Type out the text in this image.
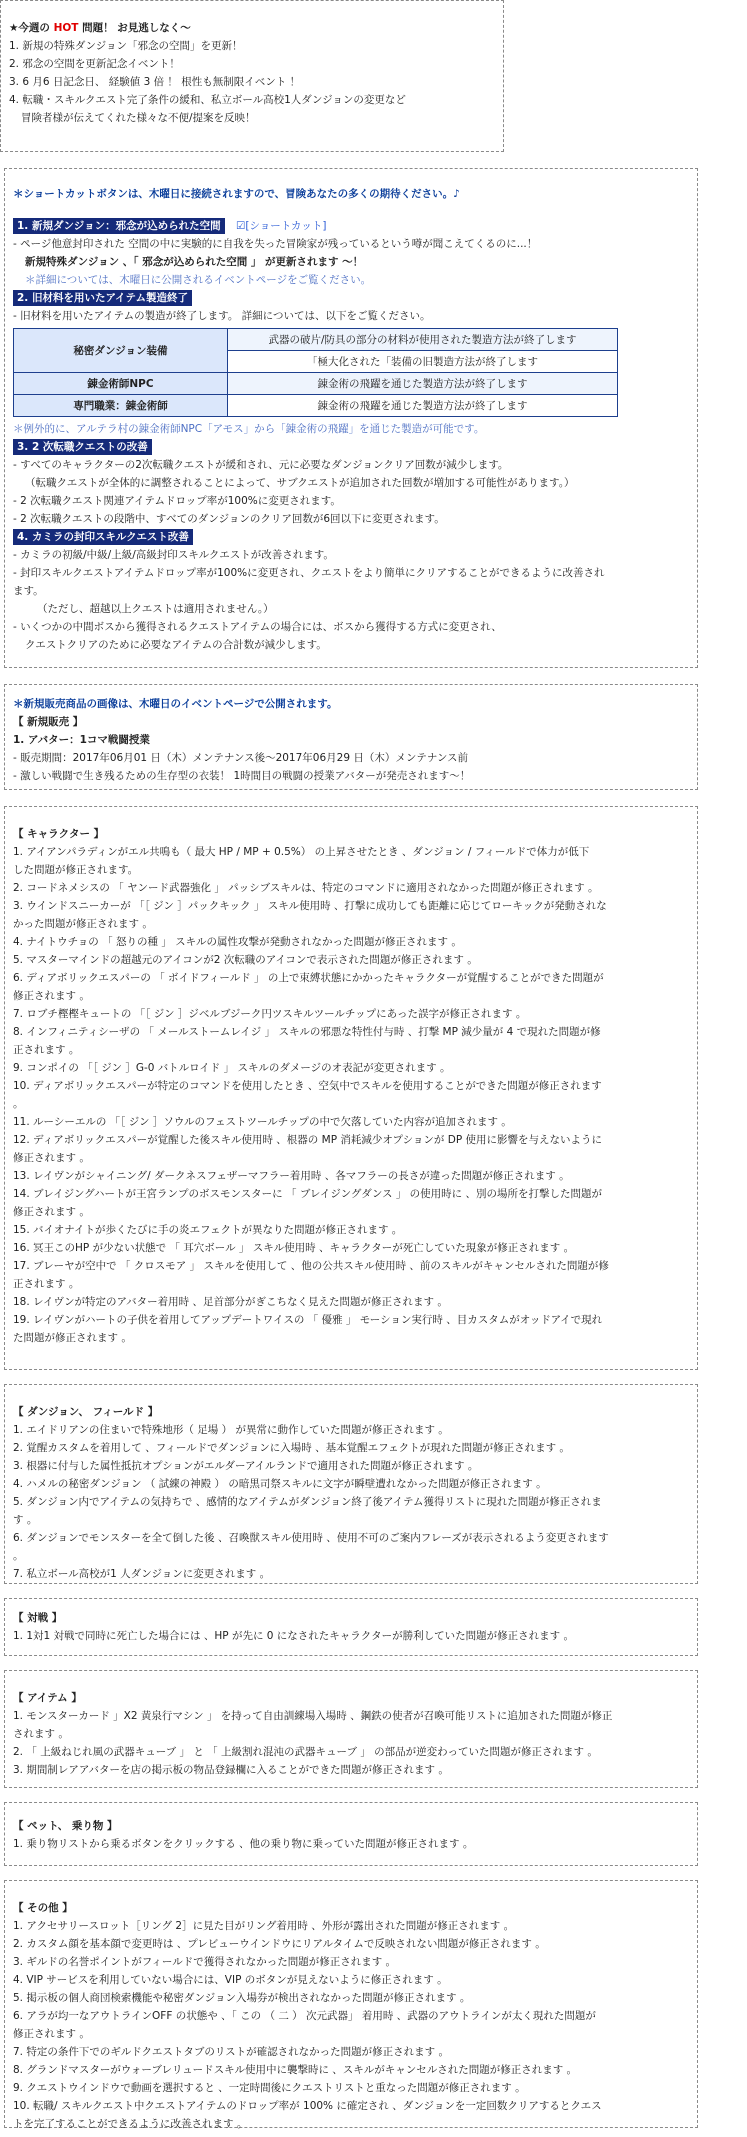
★今週の HOT 問題！ お見逃しなく～
1. 新規の特殊ダンジョン「邪念の空間」を更新！
2. 邪念の空間を更新記念イベント！
3. 6 月6 日記念日、 経験値 3 倍 ！ 根性も無制限イベント ！
4. 転職・スキルクエスト完了条件の緩和、私立ボール高校1人ダンジョンの変更など
冒険者様が伝えてくれた様々な不便/提案を反映！
＊ショートカットボタンは、木曜日に接続されますので、冒険あなたの多くの期待ください。♪
1. 新規ダンジョン：邪念が込められた空間 ☑[ショートカット]
- ページ他意封印された 空間の中に実験的に自我を失った冒険家が残っているという噂が聞こえてくるのに...！
新規特殊ダンジョン 、「 邪念が込められた空間 」 が更新されます ～！
＊詳細については、木曜日に公開されるイベントページをご覧ください。
2. 旧材料を用いたアイテム製造終了
- 旧材料を用いたアイテムの製造が終了します。 詳細については、以下をご覧ください。
秘密ダンジョン装備	武器の破片/防具の部分の材料が使用された製造方法が終了します
	「極大化された「装備の旧製造方法が終了します
錬金術師NPC	錬金術の飛躍を通じた製造方法が終了します
専門職業：錬金術師	錬金術の飛躍を通じた製造方法が終了します
＊例外的に、アルテラ村の錬金術師NPC「アモス」から「錬金術の飛躍」を通じた製造が可能です。
3. 2 次転職クエストの改善
- すべてのキャラクターの2次転職クエストが緩和され、元に必要なダンジョンクリア回数が減少します。
（転職クエストが全体的に調整されることによって、サブクエストが追加された回数が増加する可能性があります。）
- 2 次転職クエスト関連アイテムドロップ率が100%に変更されます。
- 2 次転職クエストの段階中、すべてのダンジョンのクリア回数が6回以下に変更されます。
4. カミラの封印スキルクエスト改善
- カミラの初級/中級/上級/高級封印スキルクエストが改善されます。
- 封印スキルクエストアイテムドロップ率が100%に変更され、クエストをより簡単にクリアすることができるように改善され
ます。
（ただし、超越以上クエストは適用されません。）
- いくつかの中間ボスから獲得されるクエストアイテムの場合には、ボスから獲得する方式に変更され、
クエストクリアのために必要なアイテムの合計数が減少します。
＊新規販売商品の画像は、木曜日のイベントページで公開されます。
【 新規販売 】
1. アバター：1コマ戦闘授業
- 販売期間：2017年06月01 日（木）メンテナンス後～2017年06月29 日（木）メンテナンス前
- 激しい戦闘で生き残るための生存型の衣装！ 1時間目の戦闘の授業アバターが発売されます～！
【 キャラクター 】
1. アイアンパラディンがエル共鳴も（ 最大 HP / MP + 0.5%） の上昇させたとき 、ダンジョン / フィールドで体力が低下
した問題が修正されます。
2. コードネメシスの 「 ヤンード武器強化 」 パッシブスキルは、特定のコマンドに適用されなかった問題が修正されます 。
3. ウインドスニーカーが 「［ ジン ］パックキック 」 スキル使用時 、打撃に成功しても距離に応じてローキックが発動されな
かった問題が修正されます 。
4. ナイトウチョの 「 怒りの種 」 スキルの属性攻撃が発動されなかった問題が修正されます 。
5. マスターマインドの超越元のアイコンが2 次転職のアイコンで表示された問題が修正されます 。
6. ディアボリックエスパーの 「 ボイドフィールド 」 の上で束縛状態にかかったキャラクターが覚醒することができた問題が
修正されます 。
7. ロブチ樫樫キュートの 「［ ジン ］ジベルブジーク円ツスキルツールチップにあった誤字が修正されます 。
8. インフィニティシーザの 「 メールストームレイジ 」 スキルの邪悪な特性付与時 、打撃 MP 減少量が 4 で現れた問題が修
正されます 。
9. コンポイの 「［ ジン ］G-0 バトルロイド 」 スキルのダメージのオ表記が変更されます 。
10. ディアボリックエスパーが特定のコマンドを使用したとき 、空気中でスキルを使用することができた問題が修正されます
。
11. ルーシーエルの 「［ ジン ］ソウルのフェストツールチップの中で欠落していた内容が追加されます 。
12. ディアボリックエスパーが覚醒した後スキル使用時 、根器の MP 消耗減少オプションが DP 使用に影響を与えないように
修正されます 。
13. レイヴンがシャイニング/ ダークネスフェザーマフラー着用時 、各マフラーの長さが違った問題が修正されます 。
14. ブレイジングハートが王宮ランプのボスモンスターに 「 ブレイジングダンス 」 の使用時に 、別の場所を打撃した問題が
修正されます 。
15. バイオナイトが歩くたびに手の炎エフェクトが異なりた問題が修正されます 。
16. 冥王このHP が少ない状態で 「 耳穴ボール 」 スキル使用時 、キャラクターが死亡していた現象が修正されます 。
17. ブレーヤが空中で 「 クロスモア 」 スキルを使用して 、他の公共スキル使用時 、前のスキルがキャンセルされた問題が修
正されます 。
18. レイヴンが特定のアバター着用時 、足首部分がぎこちなく見えた問題が修正されます 。
19. レイヴンがハートの子供を着用してアップデートワイスの 「 優雅 」 モーション実行時 、目カスタムがオッドアイで現れ
た問題が修正されます 。
【 ダンジョン、 フィールド 】
1. エイドリアンの住まいで特殊地形（ 足場 ） が異常に動作していた問題が修正されます 。
2. 覚醒カスタムを着用して 、フィールドでダンジョンに入場時 、基本覚醒エフェクトが現れた問題が修正されます 。
3. 根器に付与した属性抵抗オプションがエルダーアイルランドで適用された問題が修正されます 。
4. ハメルの秘密ダンジョン （ 試練の神殿 ） の暗黒司祭スキルに文字が瞬壁遭れなかった問題が修正されます 。
5. ダンジョン内でアイテムの気持ちで 、感情的なアイテムがダンジョン終了後アイテム獲得リストに現れた問題が修正されま
す 。
6. ダンジョンでモンスターを全て倒した後 、召喚獣スキル使用時 、使用不可のご案内フレーズが表示されるよう変更されます
。
7. 私立ボール高校が1 人ダンジョンに変更されます 。
【 対戦 】
1. 1対1 対戦で同時に死亡した場合には 、HP が先に 0 になされたキャラクターが勝利していた問題が修正されます 。
【 アイテム 】
1. モンスターカード 」X2 黄泉行マシン 」 を持って自由訓練場入場時 、鋼鉄の使者が召喚可能リストに追加された問題が修正
されます 。
2. 「 上級ねじれ風の武器キューブ 」 と 「 上級割れ混沌の武器キューブ 」 の部品が逆変わっていた問題が修正されます 。
3. 期間制レアアバターを店の掲示板の物品登録欄に入ることができた問題が修正されます 。
【 ペット、 乗り物 】
1. 乗り物リストから乗るボタンをクリックする 、他の乗り物に乗っていた問題が修正されます 。
【 その他 】
1. アクセサリースロット［リング 2］に見た目がリング着用時 、外形が露出された問題が修正されます 。
2. カスタム顔を基本顔で変更時は 、プレビューウインドウにリアルタイムで反映されない問題が修正されます 。
3. ギルドの名誉ポイントがフィールドで獲得されなかった問題が修正されます 。
4. VIP サービスを利用していない場合には、VIP のボタンが見えないように修正されます 。
5. 掲示板の個人商団検索機能や秘密ダンジョン入場券が検出されなかった問題が修正されます 。
6. アラが均一なアウトラインOFF の状態や 、「 この （ 二 ） 次元武器」 着用時 、武器のアウトラインが太く現れた問題が
修正されます 。
7. 特定の条件下でのギルドクエストタブのリストが確認されなかった問題が修正されます 。
8. グランドマスターがウォーブレリュードスキル使用中に襲撃時に 、スキルがキャンセルされた問題が修正されます 。
9. クエストウインドウで動画を選択すると 、一定時間後にクエストリストと重なった問題が修正されます 。
10. 転職/ スキルクエスト中クエストアイテムのドロップ率が 100% に確定され 、ダンジョンを一定回数クリアするとクエス
トを完了することができるように改善されます 。
